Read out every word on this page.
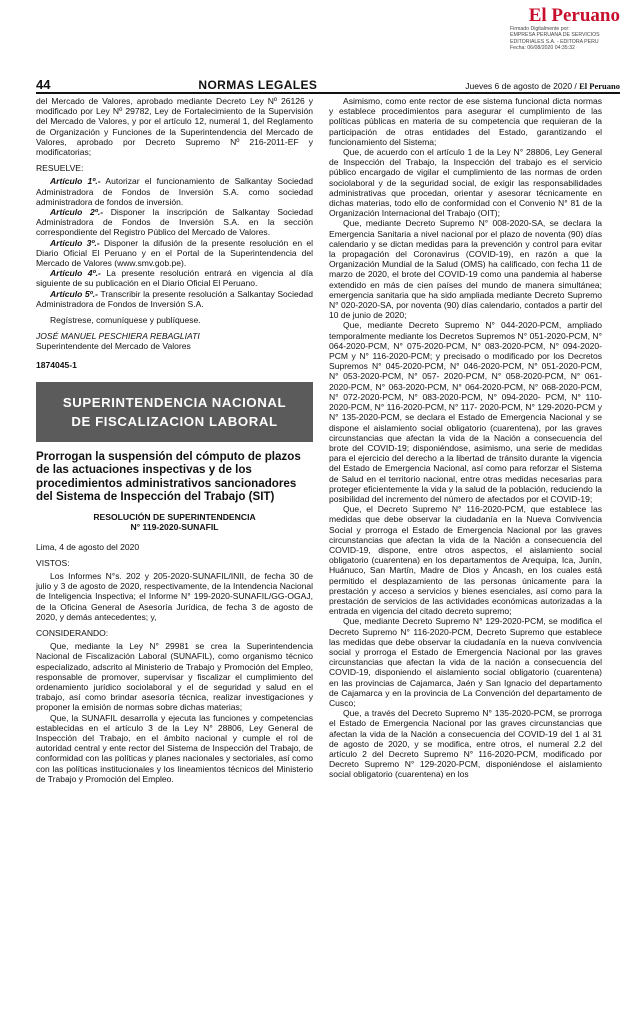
El Peruano
Firmado Digitalmente por:
EMPRESA PERUANA DE SERVICIOS
EDITORIALES S.A. - EDITORA PERU
Fecha: 06/08/2020 04:35:32
44	NORMAS LEGALES	Jueves 6 de agosto de 2020 / El Peruano

del Mercado de Valores, aprobado mediante Decreto Ley Nº 26126 y modificado por Ley Nº 29782, Ley de Fortalecimiento de la Supervisión del Mercado de Valores, y por el artículo 12, numeral 1, del Reglamento de Organización y Funciones de la Superintendencia del Mercado de Valores, aprobado por Decreto Supremo Nº 216-2011-EF y modificatorias;

RESUELVE:

Artículo 1º.- Autorizar el funcionamiento de Salkantay Sociedad Administradora de Fondos de Inversión S.A. como sociedad administradora de fondos de inversión.

Artículo 2º.- Disponer la inscripción de Salkantay Sociedad Administradora de Fondos de Inversión S.A. en la sección correspondiente del Registro Público del Mercado de Valores.

Artículo 3º.- Disponer la difusión de la presente resolución en el Diario Oficial El Peruano y en el Portal de la Superintendencia del Mercado de Valores (www.smv.gob.pe).

Artículo 4º.- La presente resolución entrará en vigencia al día siguiente de su publicación en el Diario Oficial El Peruano.

Artículo 5º.- Transcribir la presente resolución a Salkantay Sociedad Administradora de Fondos de Inversión S.A.

Regístrese, comuníquese y publíquese.

JOSÉ MANUEL PESCHIERA REBAGLIATI

Superintendente del Mercado de Valores

1874045-1

SUPERINTENDENCIA NACIONAL
DE FISCALIZACION LABORAL
Prorrogan la suspensión del cómputo de plazos de las actuaciones inspectivas y de los procedimientos administrativos sancionadores del Sistema de Inspección del Trabajo (SIT)
RESOLUCIÓN DE SUPERINTENDENCIA
N° 119-2020-SUNAFIL

Lima, 4 de agosto del 2020

VISTOS:

Los Informes N°s. 202 y 205-2020-SUNAFIL/INII, de fecha 30 de julio y 3 de agosto de 2020, respectivamente, de la Intendencia Nacional de Inteligencia Inspectiva; el Informe N° 199-2020-SUNAFIL/GG-OGAJ, de la Oficina General de Asesoría Jurídica, de fecha 3 de agosto de 2020, y demás antecedentes; y,

CONSIDERANDO:

Que, mediante la Ley N° 29981 se crea la Superintendencia Nacional de Fiscalización Laboral (SUNAFIL), como organismo técnico especializado, adscrito al Ministerio de Trabajo y Promoción del Empleo, responsable de promover, supervisar y fiscalizar el cumplimiento del ordenamiento jurídico sociolaboral y el de seguridad y salud en el trabajo, así como brindar asesoría técnica, realizar investigaciones y proponer la emisión de normas sobre dichas materias;

Que, la SUNAFIL desarrolla y ejecuta las funciones y competencias establecidas en el artículo 3 de la Ley N° 28806, Ley General de Inspección del Trabajo, en el ámbito nacional y cumple el rol de autoridad central y ente rector del Sistema de Inspección del Trabajo, de conformidad con las políticas y planes nacionales y sectoriales, así como con las políticas institucionales y los lineamientos técnicos del Ministerio de Trabajo y Promoción del Empleo.

Asimismo, como ente rector de ese sistema funcional dicta normas y establece procedimientos para asegurar el cumplimiento de las políticas públicas en materia de su competencia que requieran de la participación de otras entidades del Estado, garantizando el funcionamiento del Sistema;

Que, de acuerdo con el artículo 1 de la Ley N° 28806, Ley General de Inspección del Trabajo, la Inspección del trabajo es el servicio público encargado de vigilar el cumplimiento de las normas de orden sociolaboral y de la seguridad social, de exigir las responsabilidades administrativas que procedan, orientar y asesorar técnicamente en dichas materias, todo ello de conformidad con el Convenio N° 81 de la Organización Internacional del Trabajo (OIT);

Que, mediante Decreto Supremo N° 008-2020-SA, se declara la Emergencia Sanitaria a nivel nacional por el plazo de noventa (90) días calendario y se dictan medidas para la prevención y control para evitar la propagación del Coronavirus (COVID-19), en razón a que la Organización Mundial de la Salud (OMS) ha calificado, con fecha 11 de marzo de 2020, el brote del COVID-19 como una pandemia al haberse extendido en más de cien países del mundo de manera simultánea; emergencia sanitaria que ha sido ampliada mediante Decreto Supremo N° 020-2020-SA, por noventa (90) días calendario, contados a partir del 10 de junio de 2020;

Que, mediante Decreto Supremo N° 044-2020-PCM, ampliado temporalmente mediante los Decretos Supremos N° 051-2020-PCM, N° 064-2020-PCM, N° 075-2020-PCM, N° 083-2020-PCM, N° 094-2020-PCM y N° 116-2020-PCM; y precisado o modificado por los Decretos Supremos N° 045-2020-PCM, N° 046-2020-PCM, N° 051-2020-PCM, N° 053-2020-PCM, N° 057- 2020-PCM, N° 058-2020-PCM, N° 061-2020-PCM, N° 063-2020-PCM, N° 064-2020-PCM, N° 068-2020-PCM, N° 072-2020-PCM, N° 083-2020-PCM, N° 094-2020- PCM, N° 110-2020-PCM, N° 116-2020-PCM, N° 117- 2020-PCM, N° 129-2020-PCM y N° 135-2020-PCM, se declara el Estado de Emergencia Nacional y se dispone el aislamiento social obligatorio (cuarentena), por las graves circunstancias que afectan la vida de la Nación a consecuencia del brote del COVID-19; disponiéndose, asimismo, una serie de medidas para el ejercicio del derecho a la libertad de tránsito durante la vigencia del Estado de Emergencia Nacional, así como para reforzar el Sistema de Salud en el territorio nacional, entre otras medidas necesarias para proteger eficientemente la vida y la salud de la población, reduciendo la posibilidad del incremento del número de afectados por el COVID-19;

Que, el Decreto Supremo N° 116-2020-PCM, que establece las medidas que debe observar la ciudadanía en la Nueva Convivencia Social y prorroga el Estado de Emergencia Nacional por las graves circunstancias que afectan la vida de la Nación a consecuencia del COVID-19, dispone, entre otros aspectos, el aislamiento social obligatorio (cuarentena) en los departamentos de Arequipa, Ica, Junín, Huánuco, San Martín, Madre de Dios y Áncash, en los cuales está permitido el desplazamiento de las personas únicamente para la prestación y acceso a servicios y bienes esenciales, así como para la prestación de servicios de las actividades económicas autorizadas a la entrada en vigencia del citado decreto supremo;

Que, mediante Decreto Supremo N° 129-2020-PCM, se modifica el Decreto Supremo N° 116-2020-PCM, Decreto Supremo que establece las medidas que debe observar la ciudadanía en la nueva convivencia social y prorroga el Estado de Emergencia Nacional por las graves circunstancias que afectan la vida de la nación a consecuencia del COVID-19, disponiendo el aislamiento social obligatorio (cuarentena) en las provincias de Cajamarca, Jaén y San Ignacio del departamento de Cajamarca y en la provincia de La Convención del departamento de Cusco;

Que, a través del Decreto Supremo N° 135-2020-PCM, se prorroga el Estado de Emergencia Nacional por las graves circunstancias que afectan la vida de la Nación a consecuencia del COVID-19 del 1 al 31 de agosto de 2020, y se modifica, entre otros, el numeral 2.2 del artículo 2 del Decreto Supremo N° 116-2020-PCM, modificado por Decreto Supremo N° 129-2020-PCM, disponiéndose el aislamiento social obligatorio (cuarentena) en los
